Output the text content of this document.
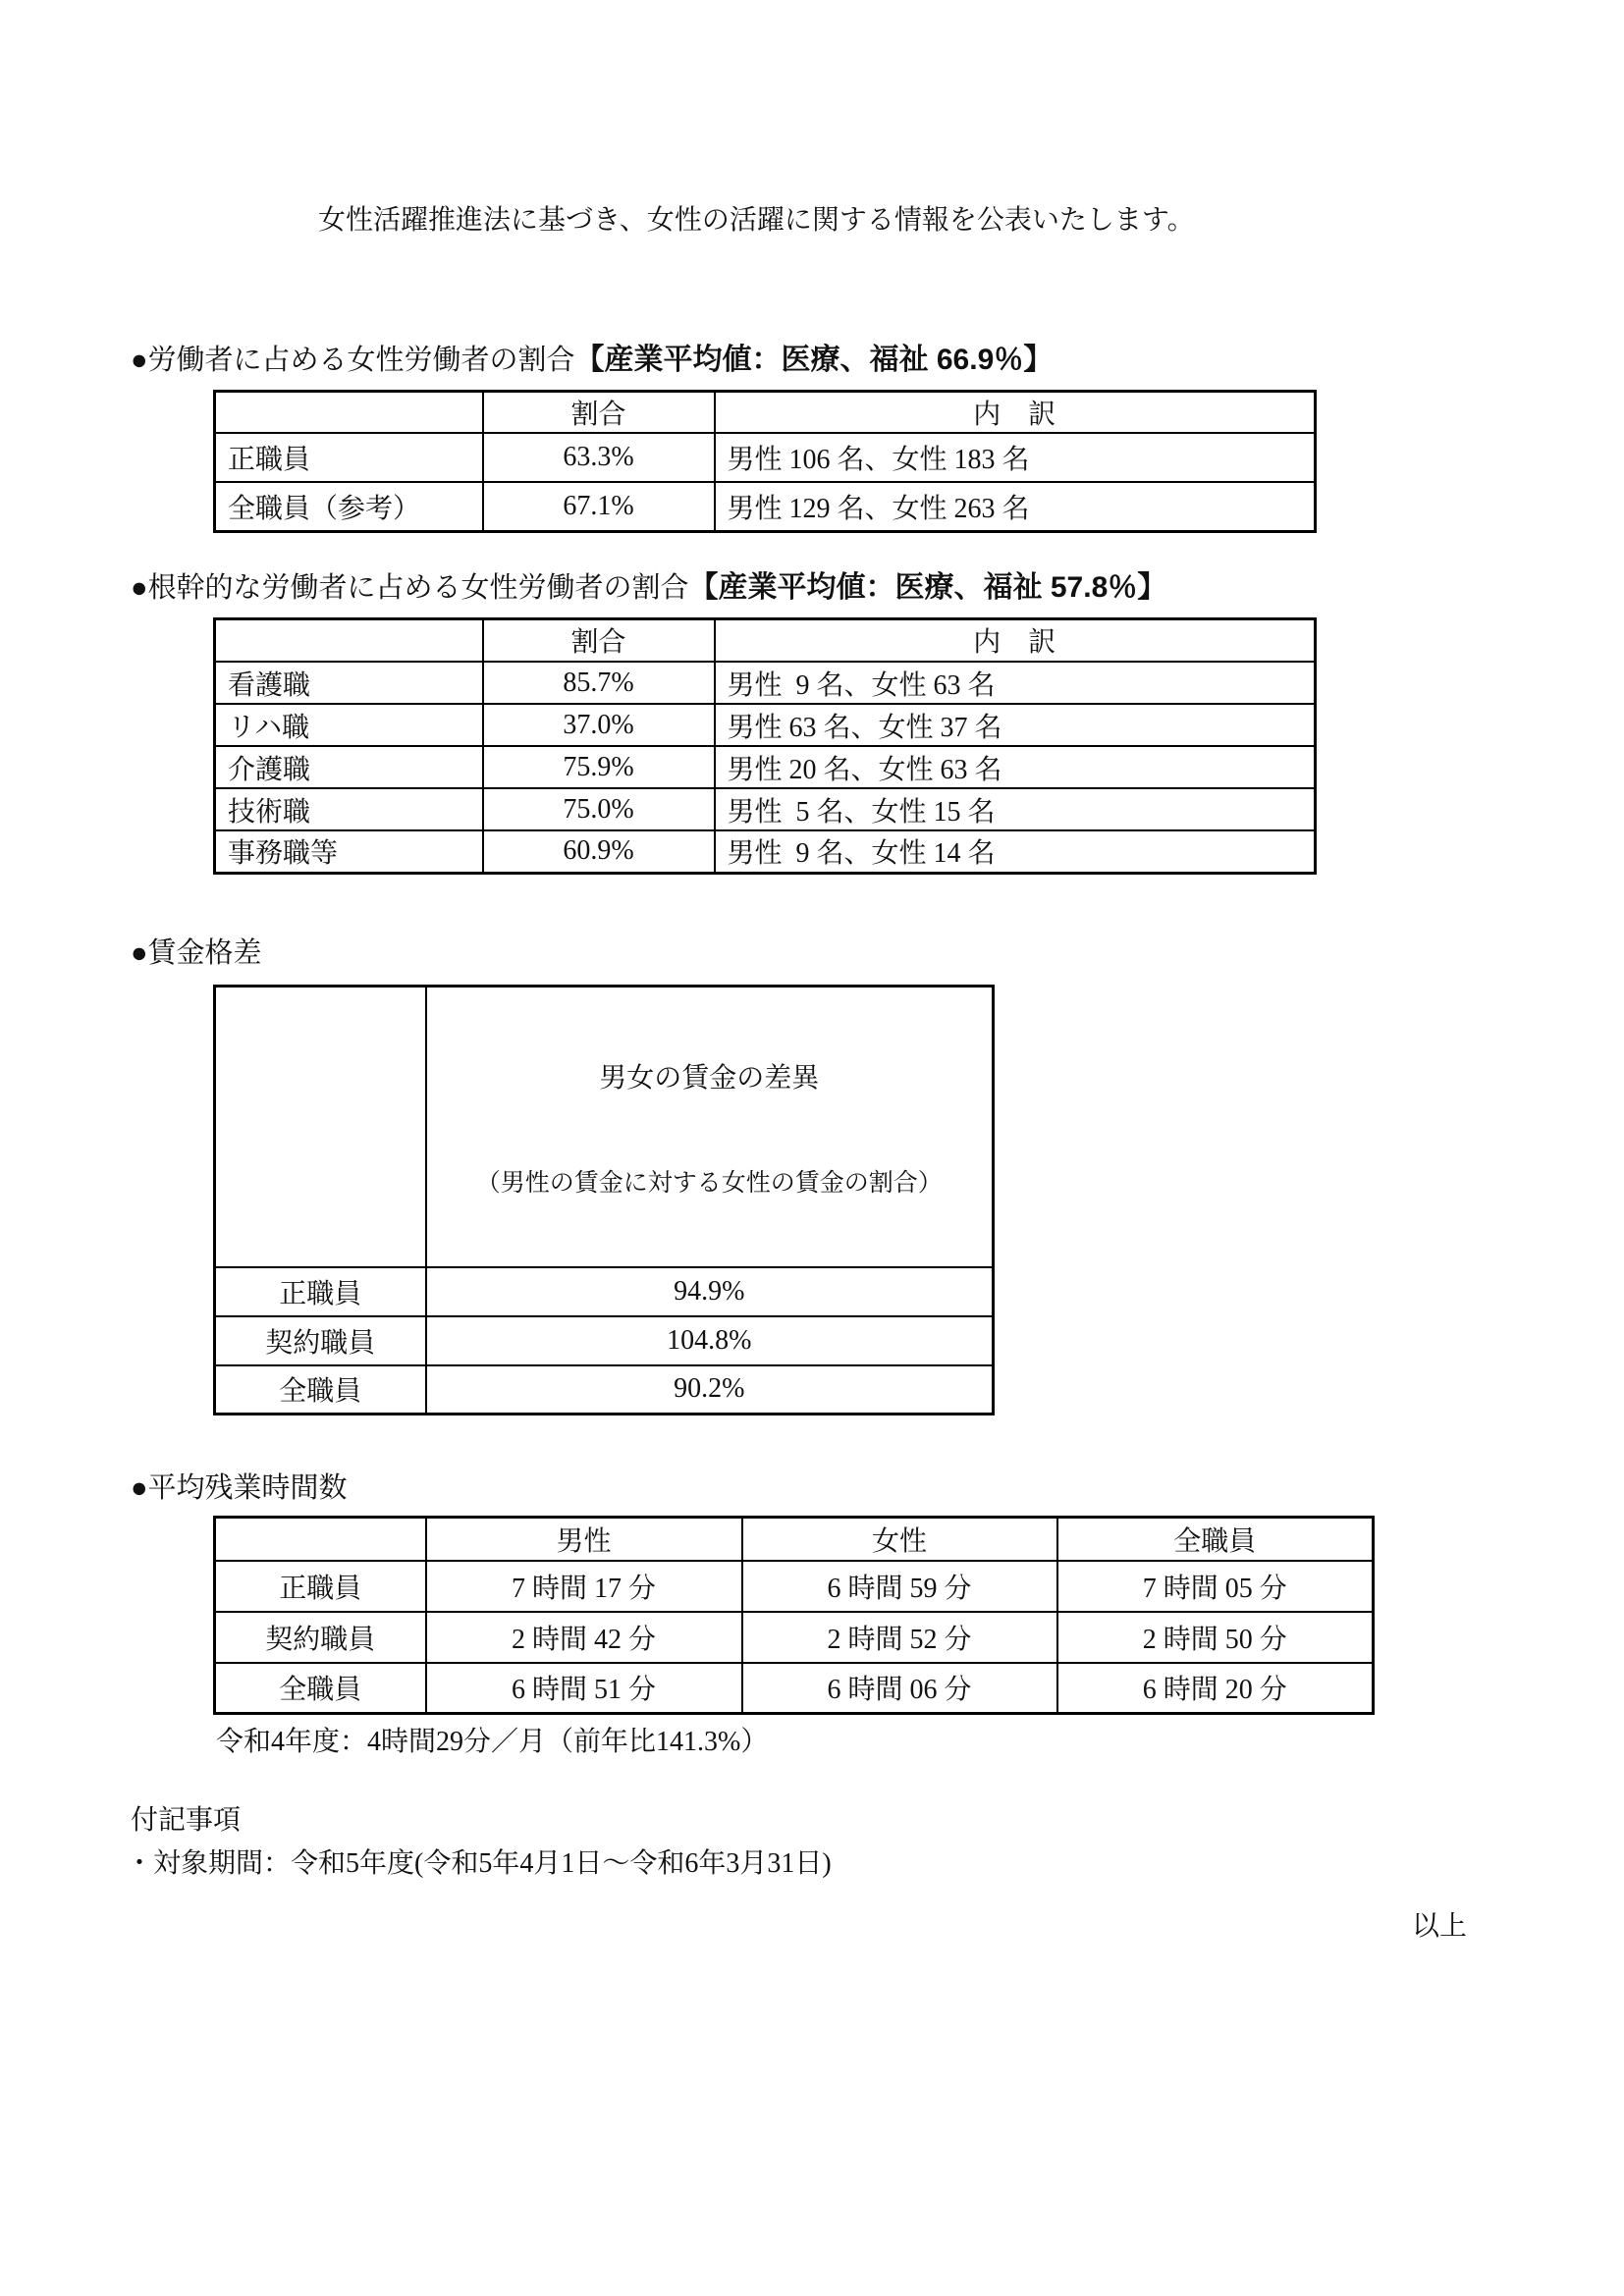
女性活躍推進法に基づき、女性の活躍に関する情報を公表いたします。

●労働者に占める女性労働者の割合【産業平均値：医療、福祉 66.9％】
	割合	内　訳
正職員	63.3%	男性 106 名、女性 183 名
全職員（参考）	67.1%	男性 129 名、女性 263 名
●根幹的な労働者に占める女性労働者の割合【産業平均値：医療、福祉 57.8％】
	割合	内　訳
看護職	85.7%	男性  9 名、女性 63 名
リハ職	37.0%	男性 63 名、女性 37 名
介護職	75.9%	男性 20 名、女性 63 名
技術職	75.0%	男性  5 名、女性 15 名
事務職等	60.9%	男性  9 名、女性 14 名
●賃金格差

	男女の賃金の差異

（男性の賃金に対する女性の賃金の割合）

正職員	94.9%
契約職員	104.8%
全職員	90.2%
●平均残業時間数
	男性	女性	全職員
正職員	7 時間 17 分	6 時間 59 分	7 時間 05 分
契約職員	2 時間 42 分	2 時間 52 分	2 時間 50 分
全職員	6 時間 51 分	6 時間 06 分	6 時間 20 分

令和4年度：4時間29分／月（前年比141.3%）

付記事項

・対象期間：令和5年度(令和5年4月1日～令和6年3月31日)

以上
